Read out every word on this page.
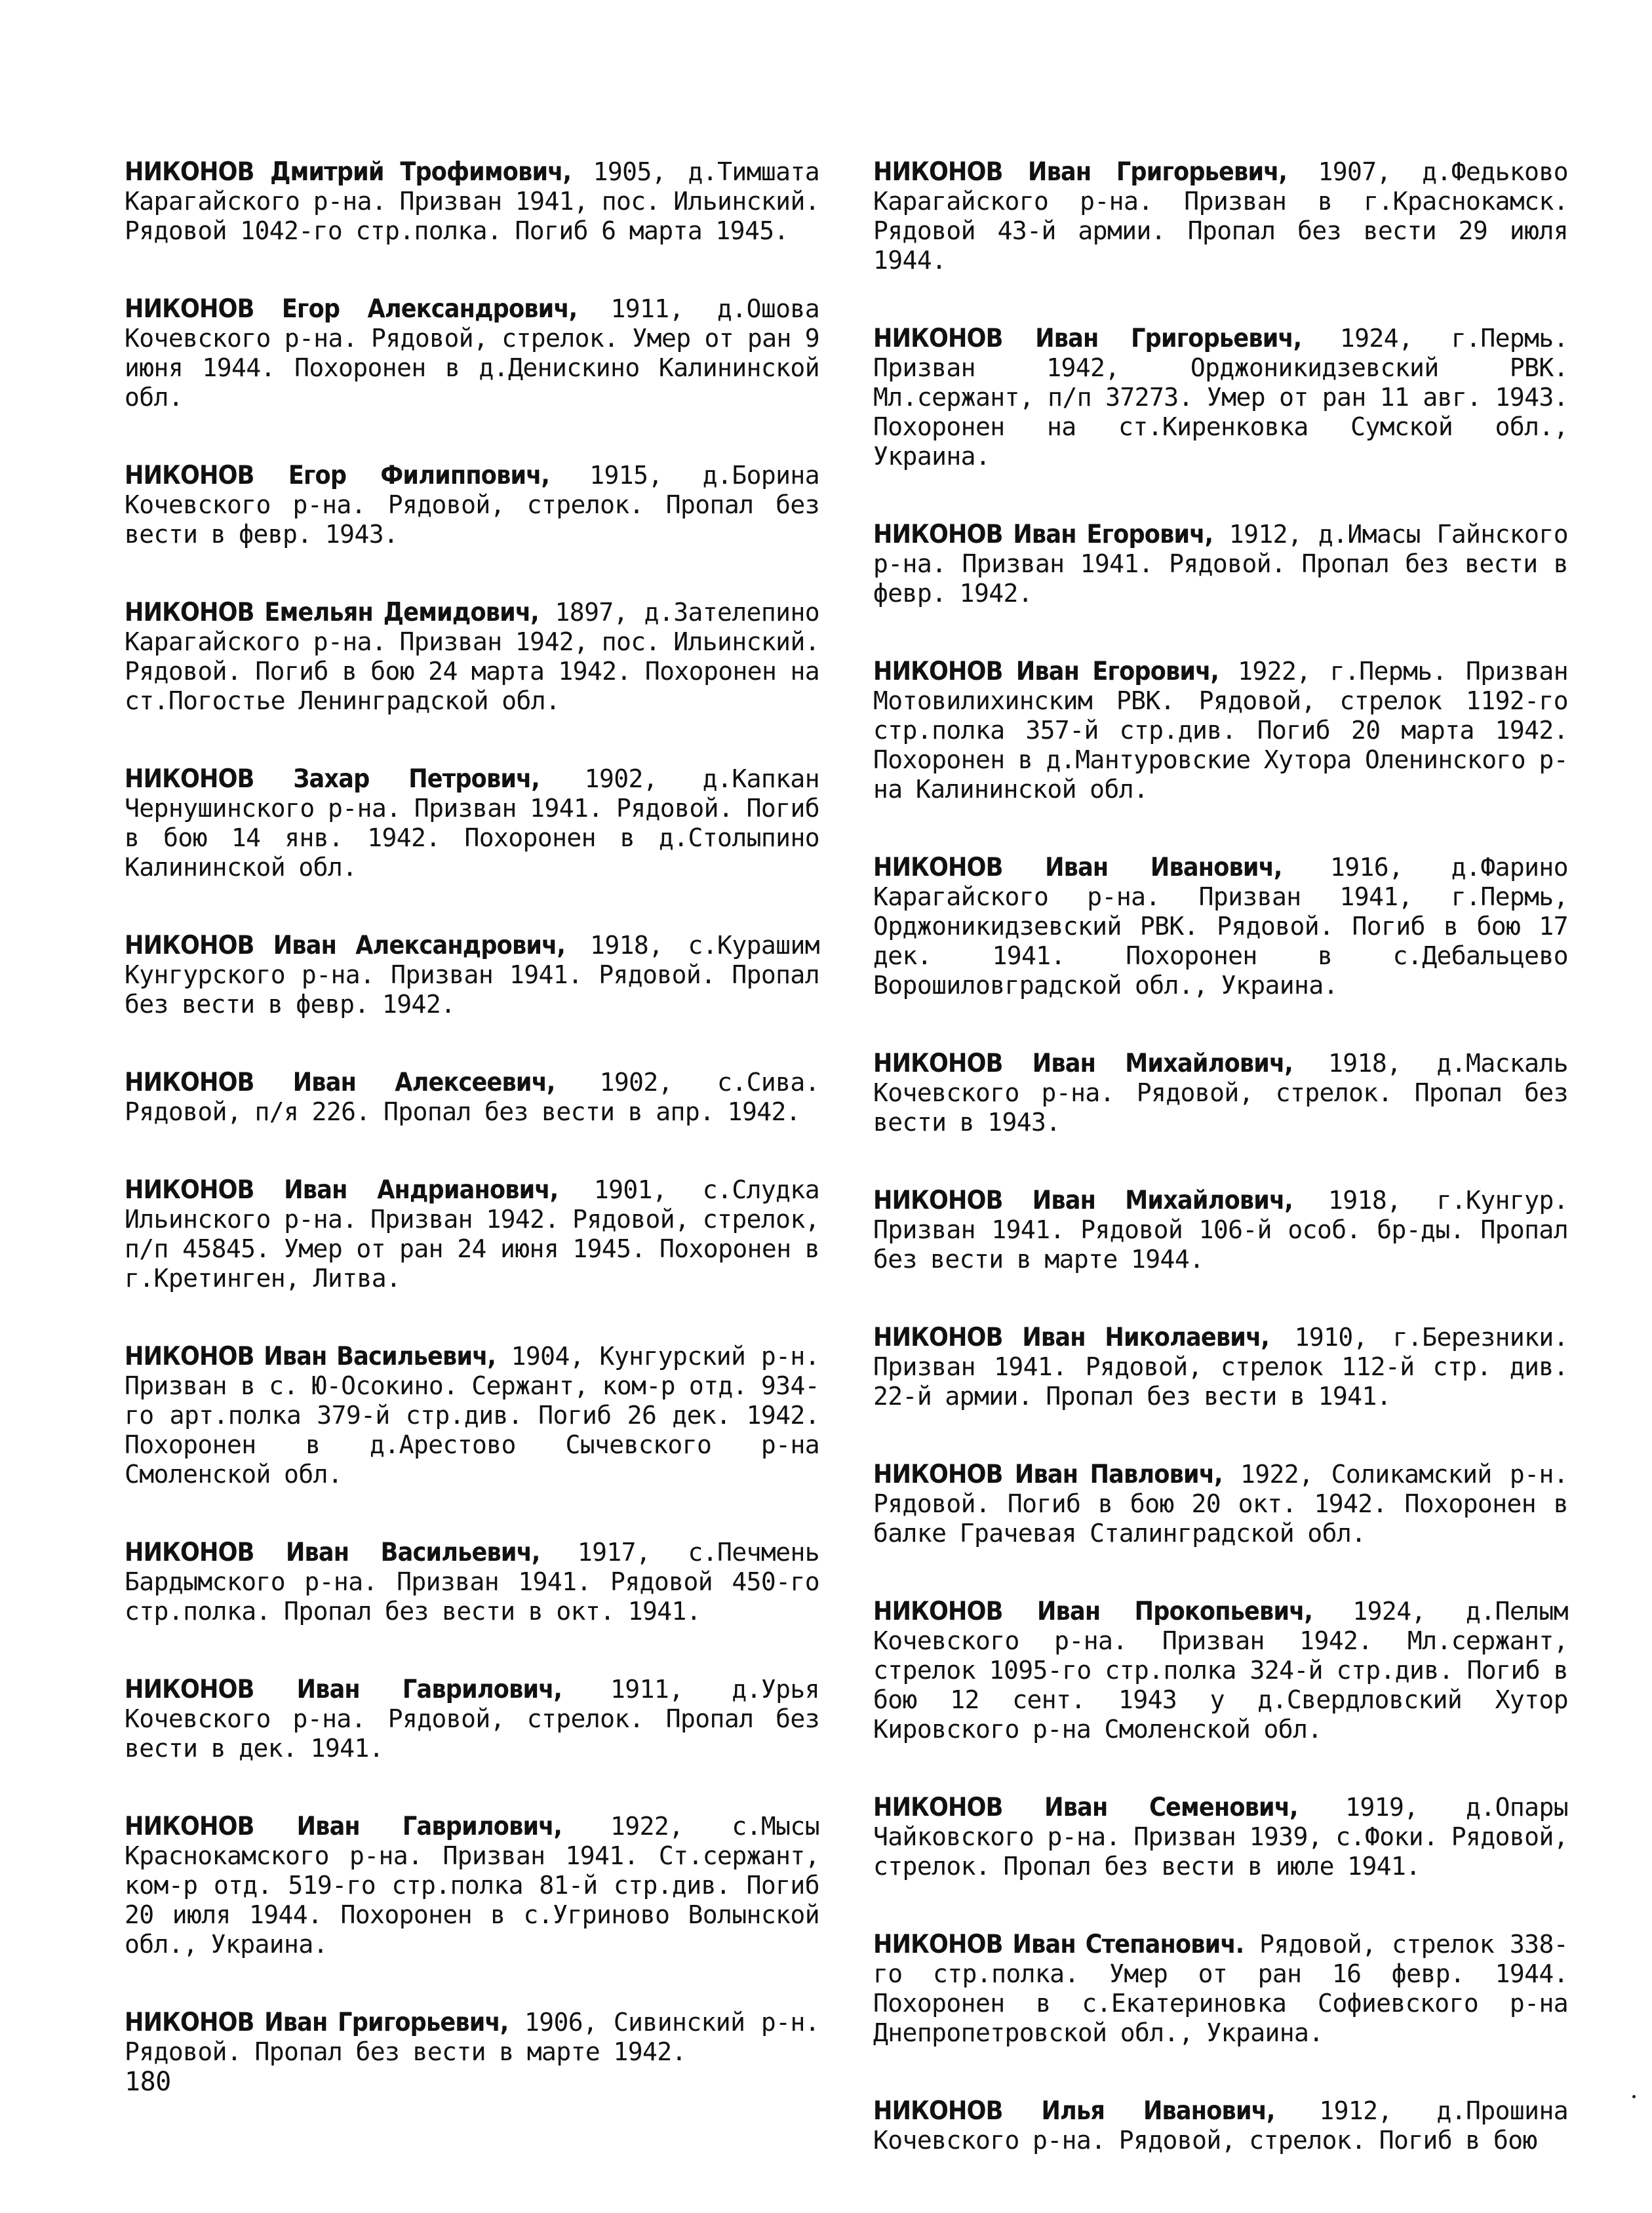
НИКОНОВ Дмитрий Трофимович, 1905, д.Тимшата Карагайского р-на. Призван 1941, пос. Ильинский. Рядовой 1042-го стр.полка. Погиб 6 марта 1945.

НИКОНОВ Егор Александрович, 1911, д.Ошова Кочевского р-на. Рядовой, стрелок. Умер от ран 9 июня 1944. Похоронен в д.Денискино Калининской обл.

НИКОНОВ Егор Филиппович, 1915, д.Борина Кочевского р-на. Рядовой, стрелок. Пропал без вести в февр. 1943.

НИКОНОВ Емельян Демидович, 1897, д.Зателепино Карагайского р-на. Призван 1942, пос. Ильинский. Рядовой. Погиб в бою 24 марта 1942. Похоронен на ст.Погостье Ленинградской обл.

НИКОНОВ Захар Петрович, 1902, д.Капкан Чернушинского р-на. Призван 1941. Рядовой. Погиб в бою 14 янв. 1942. Похоронен в д.Столыпино Калининской обл.

НИКОНОВ Иван Александрович, 1918, с.Курашим Кунгурского р-на. Призван 1941. Рядовой. Пропал без вести в февр. 1942.

НИКОНОВ Иван Алексеевич, 1902, с.Сива. Рядовой, п/я 226. Пропал без вести в апр. 1942.

НИКОНОВ Иван Андрианович, 1901, с.Слудка Ильинского р-на. Призван 1942. Рядовой, стрелок, п/п 45845. Умер от ран 24 июня 1945. Похоронен в г.Кретинген, Литва.

НИКОНОВ Иван Васильевич, 1904, Кунгурский р-н. Призван в с. Ю-Осокино. Сержант, ком-р отд. 934-го арт.полка 379-й стр.див. Погиб 26 дек. 1942. Похоронен в д.Арестово Сычевского р-на Смоленской обл.

НИКОНОВ Иван Васильевич, 1917, с.Печмень Бардымского р-на. Призван 1941. Рядовой 450-го стр.полка. Пропал без вести в окт. 1941.

НИКОНОВ Иван Гаврилович, 1911, д.Урья Кочевского р-на. Рядовой, стрелок. Пропал без вести в дек. 1941.

НИКОНОВ Иван Гаврилович, 1922, с.Мысы Краснокамского р-на. Призван 1941. Ст.сержант, ком-р отд. 519-го стр.полка 81-й стр.див. Погиб 20 июля 1944. Похоронен в с.Угриново Волынской обл., Украина.

НИКОНОВ Иван Григорьевич, 1906, Сивинский р-н. Рядовой. Пропал без вести в марте 1942.

НИКОНОВ Иван Григорьевич, 1907, д.Федьково Карагайского р-на. Призван в г.Краснокамск. Рядовой 43-й армии. Пропал без вести 29 июля 1944.

НИКОНОВ Иван Григорьевич, 1924, г.Пермь. Призван 1942, Орджоникидзевский РВК. Мл.сержант, п/п 37273. Умер от ран 11 авг. 1943. Похоронен на ст.Киренковка Сумской обл., Украина.

НИКОНОВ Иван Егорович, 1912, д.Имасы Гайнского р-на. Призван 1941. Рядовой. Пропал без вести в февр. 1942.

НИКОНОВ Иван Егорович, 1922, г.Пермь. Призван Мотовилихинским РВК. Рядовой, стрелок 1192-го стр.полка 357-й стр.див. Погиб 20 марта 1942. Похоронен в д.Мантуровские Хутора Оленинского р-на Калининской обл.

НИКОНОВ Иван Иванович, 1916, д.Фарино Карагайского р-на. Призван 1941, г.Пермь, Орджоникидзевский РВК. Рядовой. Погиб в бою 17 дек. 1941. Похоронен в с.Дебальцево Ворошиловградской обл., Украина.

НИКОНОВ Иван Михайлович, 1918, д.Маскаль Кочевского р-на. Рядовой, стрелок. Пропал без вести в 1943.

НИКОНОВ Иван Михайлович, 1918, г.Кунгур. Призван 1941. Рядовой 106-й особ. бр-ды. Пропал без вести в марте 1944.

НИКОНОВ Иван Николаевич, 1910, г.Березники. Призван 1941. Рядовой, стрелок 112-й стр. див. 22-й армии. Пропал без вести в 1941.

НИКОНОВ Иван Павлович, 1922, Соликамский р-н. Рядовой. Погиб в бою 20 окт. 1942. Похоронен в балке Грачевая Сталинградской обл.

НИКОНОВ Иван Прокопьевич, 1924, д.Пелым Кочевского р-на. Призван 1942. Мл.сержант, стрелок 1095-го стр.полка 324-й стр.див. Погиб в бою 12 сент. 1943 у д.Свердловский Хутор Кировского р-на Смоленской обл.

НИКОНОВ Иван Семенович, 1919, д.Опары Чайковского р-на. Призван 1939, с.Фоки. Рядовой, стрелок. Пропал без вести в июле 1941.

НИКОНОВ Иван Степанович. Рядовой, стрелок 338-го стр.полка. Умер от ран 16 февр. 1944. Похоронен в с.Екатериновка Софиевского р-на Днепропетровской обл., Украина.

НИКОНОВ Илья Иванович, 1912, д.Прошина Кочевского р-на. Рядовой, стрелок. Погиб в бою

180
